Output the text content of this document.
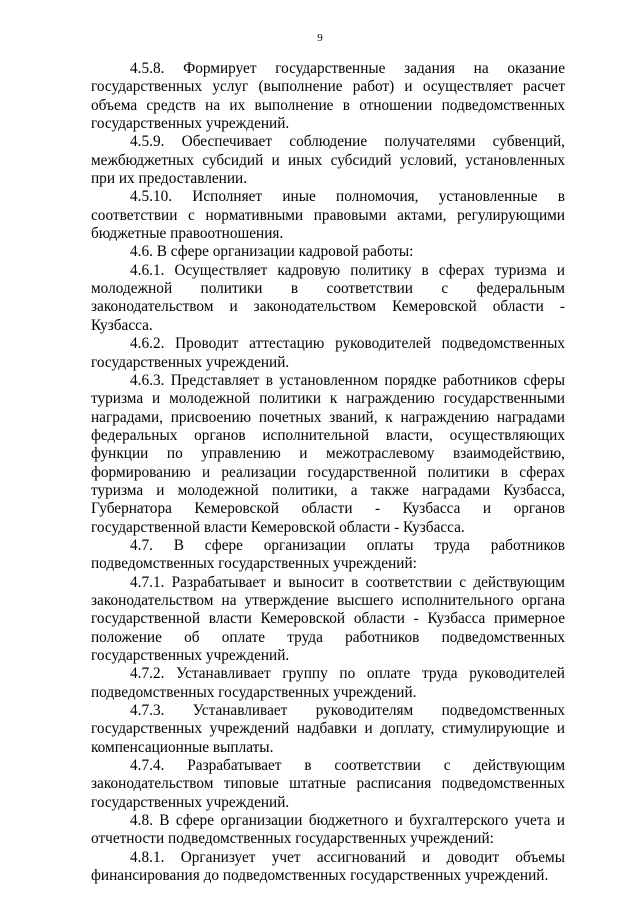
9

4.5.8. Формирует государственные задания на оказание государственных услуг (выполнение работ) и осуществляет расчет объема средств на их выполнение в отношении подведомственных государственных учреждений.

4.5.9. Обеспечивает соблюдение получателями субвенций, межбюджетных субсидий и иных субсидий условий, установленных при их предоставлении.

4.5.10. Исполняет иные полномочия, установленные в соответствии с нормативными правовыми актами, регулирующими бюджетные правоотношения.

4.6. В сфере организации кадровой работы:

4.6.1. Осуществляет кадровую политику в сферах туризма и молодежной политики в соответствии с федеральным законодательством и законодательством Кемеровской области - Кузбасса.

4.6.2. Проводит аттестацию руководителей подведомственных государственных учреждений.

4.6.3. Представляет в установленном порядке работников сферы туризма и молодежной политики к награждению государственными наградами, присвоению почетных званий, к награждению наградами федеральных органов исполнительной власти, осуществляющих функции по управлению и межотраслевому взаимодействию, формированию и реализации государственной политики в сферах туризма и молодежной политики, а также наградами Кузбасса, Губернатора Кемеровской области - Кузбасса и органов государственной власти Кемеровской области - Кузбасса.

4.7. В сфере организации оплаты труда работников подведомственных государственных учреждений:

4.7.1. Разрабатывает и выносит в соответствии с действующим законодательством на утверждение высшего исполнительного органа государственной власти Кемеровской области - Кузбасса примерное положение об оплате труда работников подведомственных государственных учреждений.

4.7.2. Устанавливает группу по оплате труда руководителей подведомственных государственных учреждений.

4.7.3. Устанавливает руководителям подведомственных государственных учреждений надбавки и доплату, стимулирующие и компенсационные выплаты.

4.7.4. Разрабатывает в соответствии с действующим законодательством типовые штатные расписания подведомственных государственных учреждений.

4.8. В сфере организации бюджетного и бухгалтерского учета и отчетности подведомственных государственных учреждений:

4.8.1. Организует учет ассигнований и доводит объемы финансирования до подведомственных государственных учреждений.
